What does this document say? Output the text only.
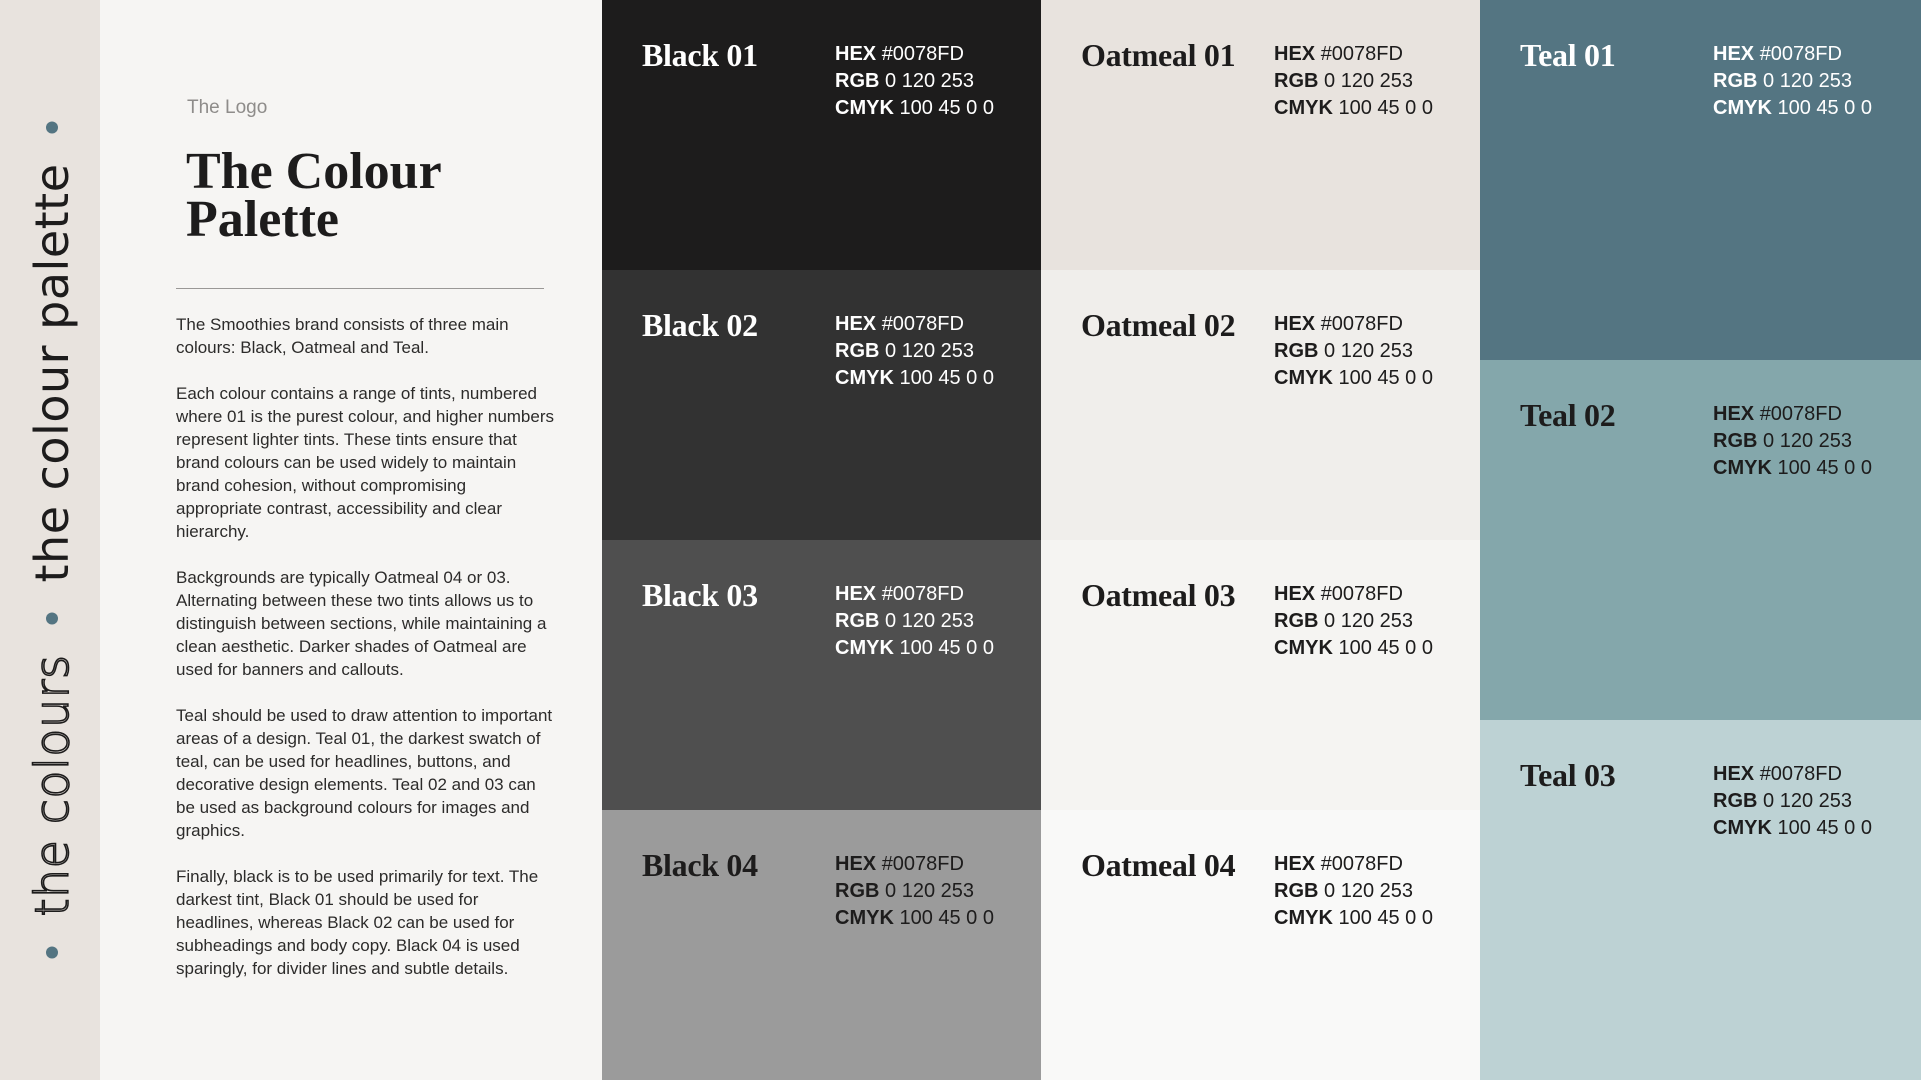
the colours
the colour palette
The Logo
The Colour Palette

The Smoothies brand consists of three main colours: Black, Oatmeal and Teal.

Each colour contains a range of tints, numbered where 01 is the purest colour, and higher numbers represent lighter tints. These tints ensure that brand colours can be used widely to maintain brand cohesion, without compromising appropriate contrast, accessibility and clear hierarchy.

Backgrounds are typically Oatmeal 04 or 03. Alternating between these two tints allows us to distinguish between sections, while maintaining a clean aesthetic. Darker shades of Oatmeal are used for banners and callouts.

Teal should be used to draw attention to important areas of a design. Teal 01, the darkest swatch of teal, can be used for headlines, buttons, and decorative design elements. Teal 02 and 03 can be used as background colours for images and graphics.

Finally, black is to be used primarily for text. The darkest tint, Black 01 should be used for headlines, whereas Black 02 can be used for subheadings and body copy. Black 04 is used sparingly, for divider lines and subtle details.

Black 01	HEX #0078FD
RGB 0 120 253
CMYK 100 45 0 0
Black 02	HEX #0078FD
RGB 0 120 253
CMYK 100 45 0 0
Black 03	HEX #0078FD
RGB 0 120 253
CMYK 100 45 0 0
Black 04	HEX #0078FD
RGB 0 120 253
CMYK 100 45 0 0
Oatmeal 01 HEX #0078FD
RGB 0 120 253
CMYK 100 45 0 0
Oatmeal 02 HEX #0078FD
RGB 0 120 253
CMYK 100 45 0 0
Oatmeal 03 HEX #0078FD
RGB 0 120 253
CMYK 100 45 0 0
Oatmeal 04 HEX #0078FD
RGB 0 120 253
CMYK 100 45 0 0
Teal 01	HEX #0078FD
RGB 0 120 253
CMYK 100 45 0 0
Teal 02	HEX #0078FD
RGB 0 120 253
CMYK 100 45 0 0
Teal 03	HEX #0078FD
RGB 0 120 253
CMYK 100 45 0 0
